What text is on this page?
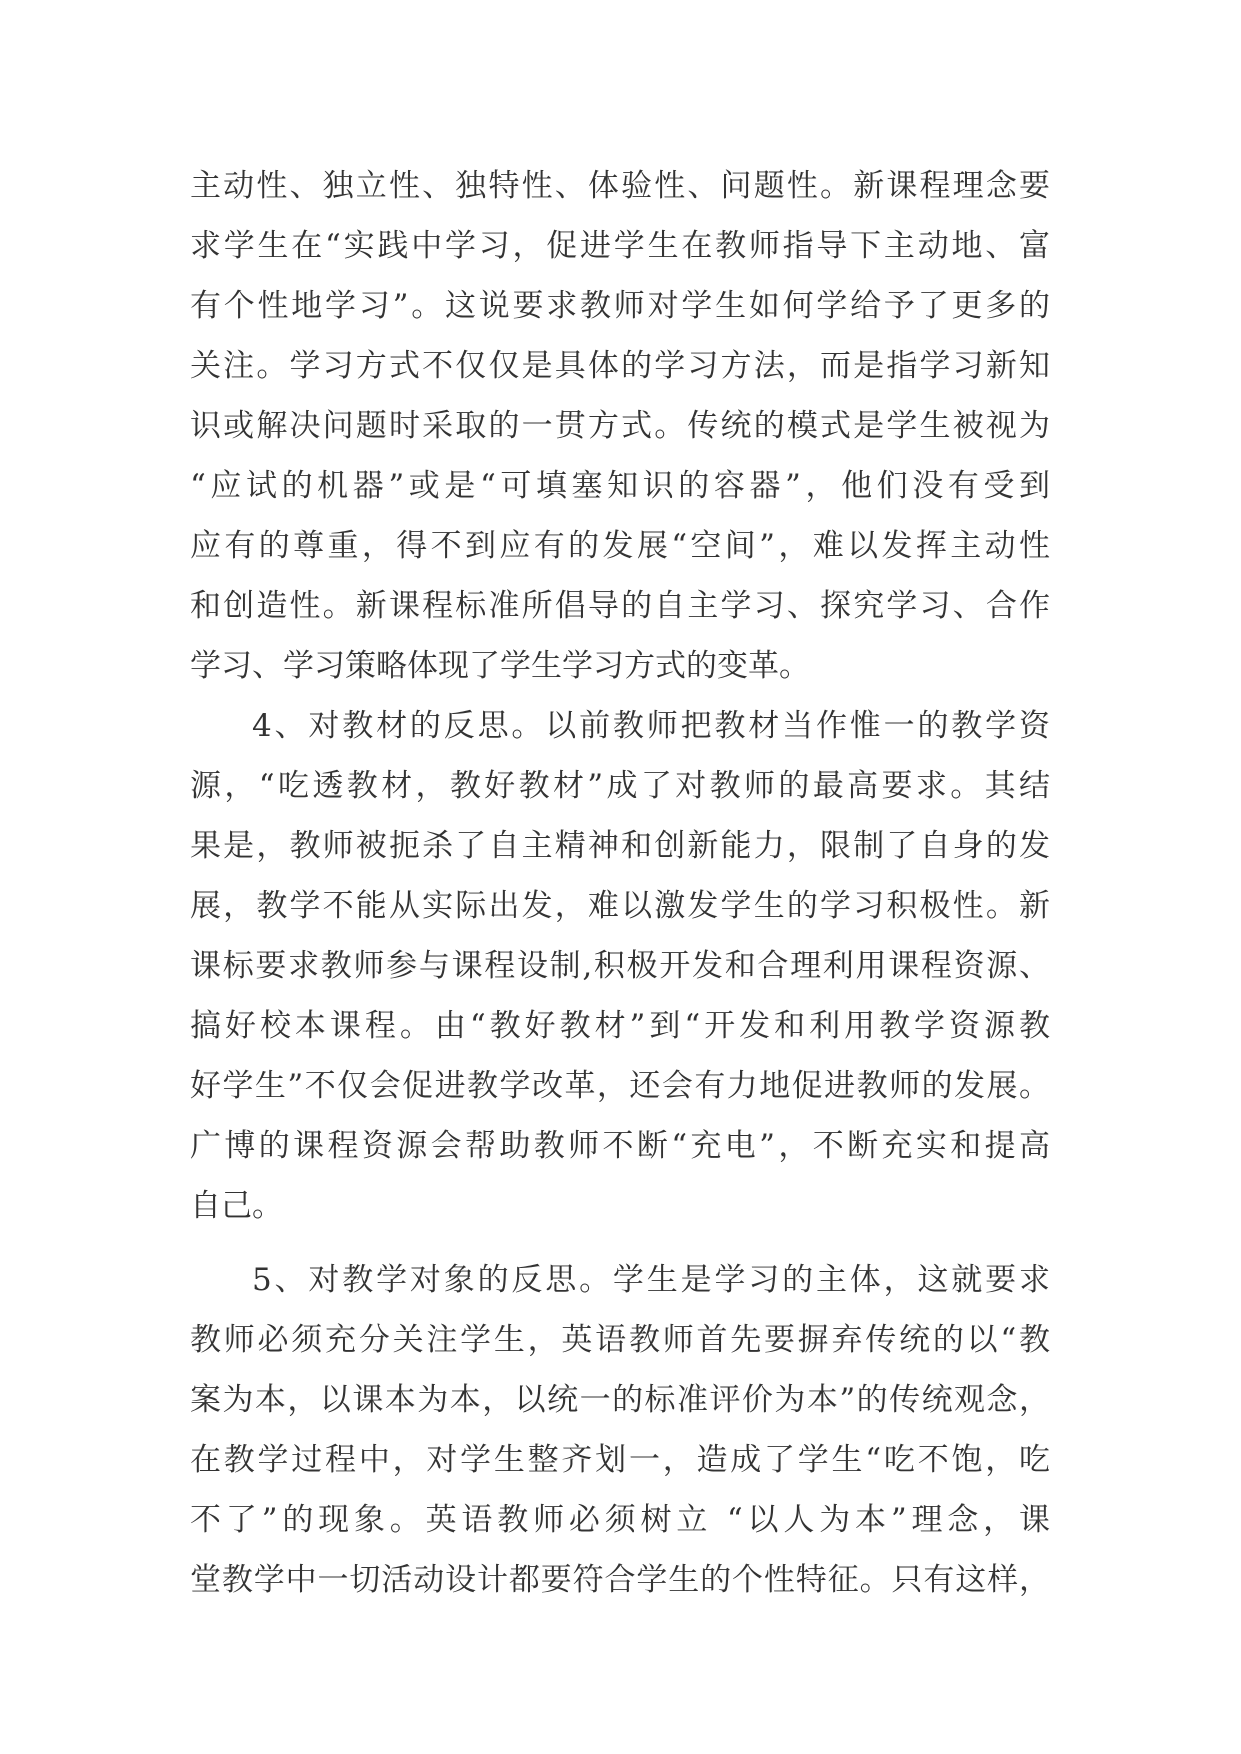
主动性、独立性、独特性、体验性、问题性。新课程理念要
求学生在“实践中学习，促进学生在教师指导下主动地、富
有个性地学习”。这说要求教师对学生如何学给予了更多的
关注。学习方式不仅仅是具体的学习方法，而是指学习新知
识或解决问题时采取的一贯方式。传统的模式是学生被视为
“应试的机器”或是“可填塞知识的容器”，他们没有受到
应有的尊重，得不到应有的发展“空间”，难以发挥主动性
和创造性。新课程标准所倡导的自主学习、探究学习、合作
学习、学习策略体现了学生学习方式的变革。
4、对教材的反思。以前教师把教材当作惟一的教学资
源，“吃透教材，教好教材”成了对教师的最高要求。其结
果是，教师被扼杀了自主精神和创新能力，限制了自身的发
展，教学不能从实际出发，难以激发学生的学习积极性。新
课标要求教师参与课程设制,积极开发和合理利用课程资源、
搞好校本课程。由“教好教材”到“开发和利用教学资源教
好学生”不仅会促进教学改革，还会有力地促进教师的发展。
广博的课程资源会帮助教师不断“充电”，不断充实和提高
自己。
5、对教学对象的反思。学生是学习的主体，这就要求
教师必须充分关注学生，英语教师首先要摒弃传统的以“教
案为本，以课本为本，以统一的标准评价为本”的传统观念，
在教学过程中，对学生整齐划一，造成了学生“吃不饱，吃
不了”的现象。英语教师必须树立 “以人为本”理念，课
堂教学中一切活动设计都要符合学生的个性特征。只有这样，
